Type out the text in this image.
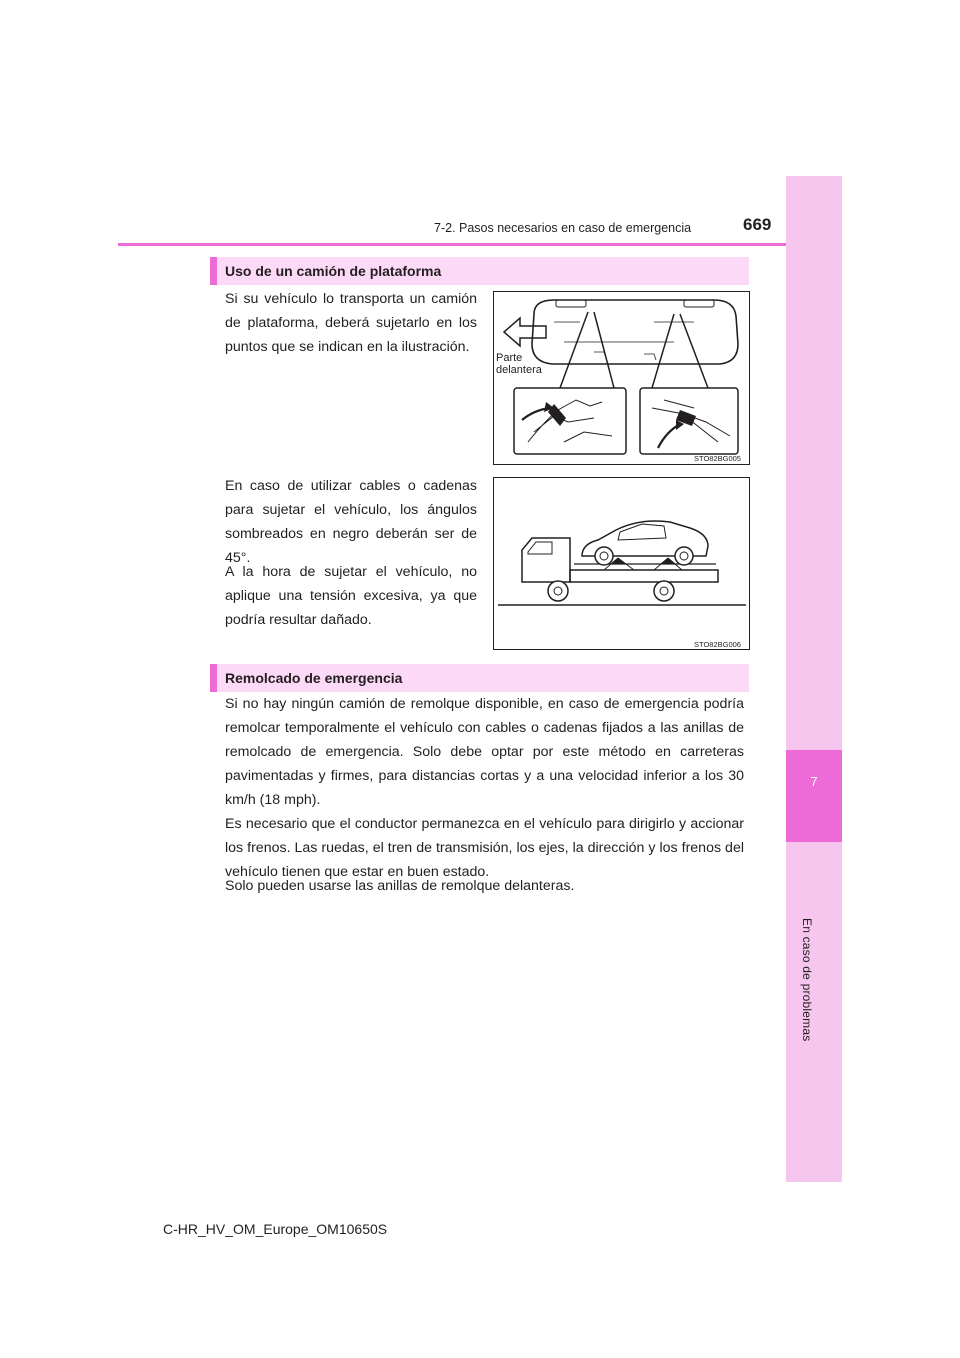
7
En caso de problemas
7-2. Pasos necesarios en caso de emergencia	669
Uso de un camión de plataforma
Si su vehículo lo transporta un camión de plataforma, deberá sujetarlo en los puntos que se indican en la ilustración.
En caso de utilizar cables o cadenas para sujetar el vehículo, los ángulos sombreados en negro deberán ser de 45°.
A la hora de sujetar el vehículo, no aplique una tensión excesiva, ya que podría resultar dañado.
Parte
delantera
STO82BG005
STO82BG006
Remolcado de emergencia
Si no hay ningún camión de remolque disponible, en caso de emergencia podría remolcar temporalmente el vehículo con cables o cadenas fijados a las anillas de remolcado de emergencia. Solo debe optar por este método en carreteras pavimentadas y firmes, para distancias cortas y a una velocidad inferior a los 30 km/h (18 mph).
Es necesario que el conductor permanezca en el vehículo para dirigirlo y accionar los frenos. Las ruedas, el tren de transmisión, los ejes, la dirección y los frenos del vehículo tienen que estar en buen estado.
Solo pueden usarse las anillas de remolque delanteras.
C-HR_HV_OM_Europe_OM10650S
